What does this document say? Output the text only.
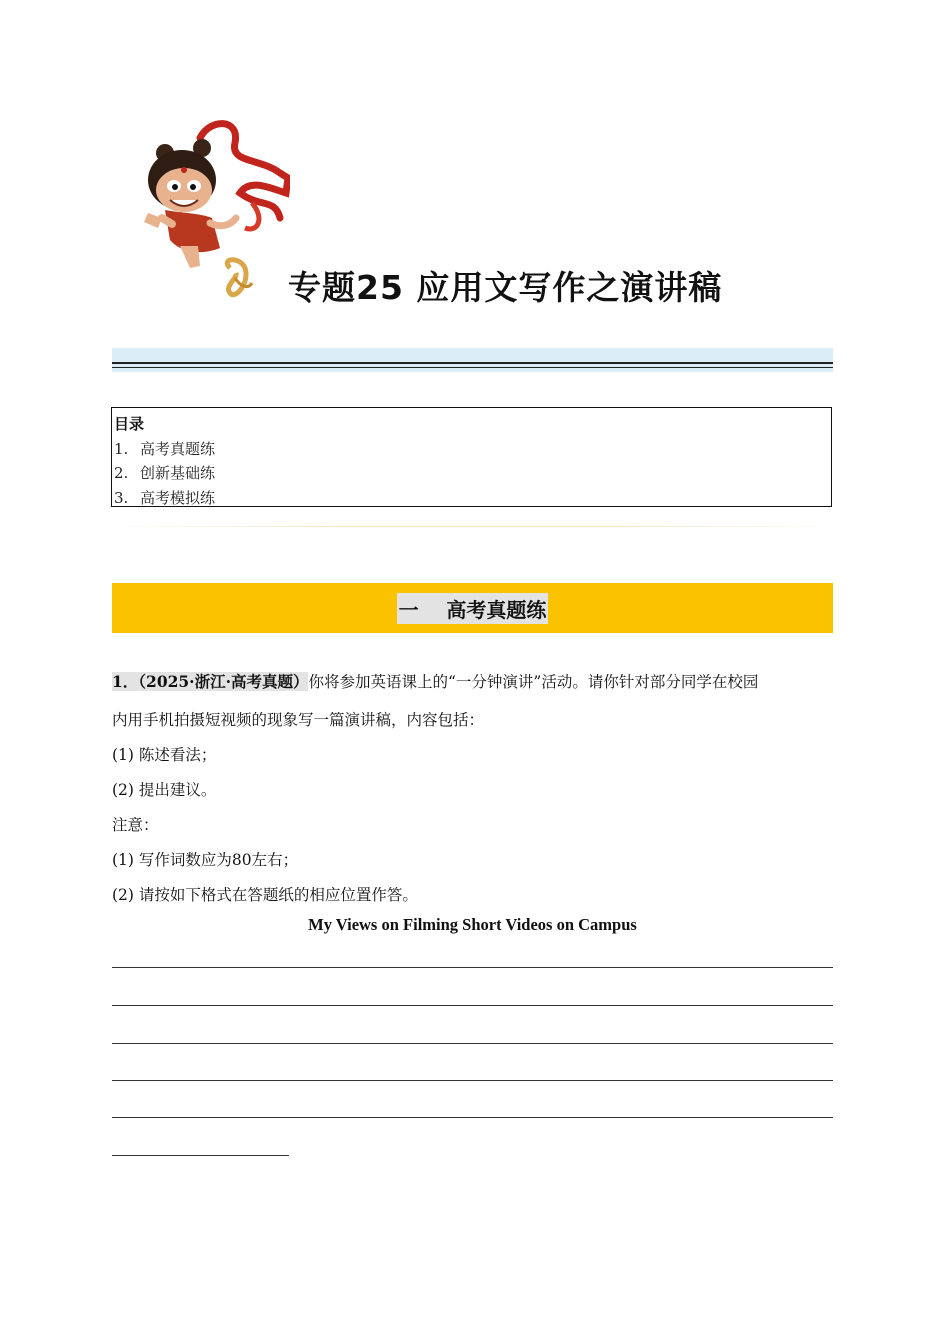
专题25 应用文写作之演讲稿
目录
1. 高考真题练
2. 创新基础练
3. 高考模拟练
一    高考真题练
1．（2025·浙江·高考真题）你将参加英语课上的“一分钟演讲”活动。请你针对部分同学在校园
内用手机拍摄短视频的现象写一篇演讲稿，内容包括：
(1) 陈述看法；
(2) 提出建议。
注意：
(1) 写作词数应为80左右；
(2) 请按如下格式在答题纸的相应位置作答。
My Views on Filming Short Videos on Campus
